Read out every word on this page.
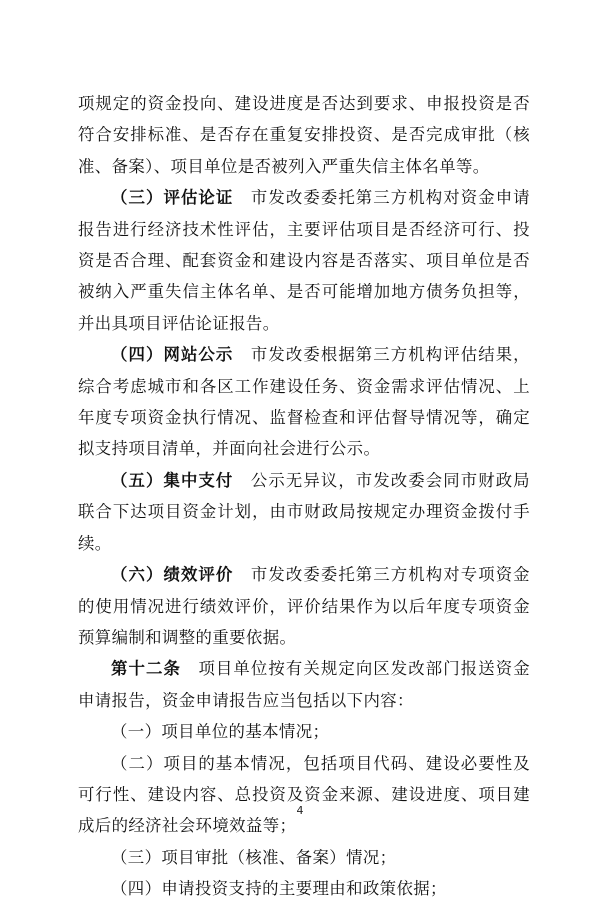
项规定的资金投向、建设进度是否达到要求、申报投资是否符合安排标准、是否存在重复安排投资、是否完成审批（核准、备案）、项目单位是否被列入严重失信主体名单等。

（三）评估论证　市发改委委托第三方机构对资金申请报告进行经济技术性评估，主要评估项目是否经济可行、投资是否合理、配套资金和建设内容是否落实、项目单位是否被纳入严重失信主体名单、是否可能增加地方债务负担等，并出具项目评估论证报告。

（四）网站公示　市发改委根据第三方机构评估结果，综合考虑城市和各区工作建设任务、资金需求评估情况、上年度专项资金执行情况、监督检查和评估督导情况等，确定拟支持项目清单，并面向社会进行公示。

（五）集中支付　公示无异议，市发改委会同市财政局联合下达项目资金计划，由市财政局按规定办理资金拨付手续。

（六）绩效评价　市发改委委托第三方机构对专项资金的使用情况进行绩效评价，评价结果作为以后年度专项资金预算编制和调整的重要依据。

第十二条　项目单位按有关规定向区发改部门报送资金申请报告，资金申请报告应当包括以下内容：

（一）项目单位的基本情况；

（二）项目的基本情况，包括项目代码、建设必要性及可行性、建设内容、总投资及资金来源、建设进度、项目建成后的经济社会环境效益等；

（三）项目审批（核准、备案）情况；

（四）申请投资支持的主要理由和政策依据；

4
